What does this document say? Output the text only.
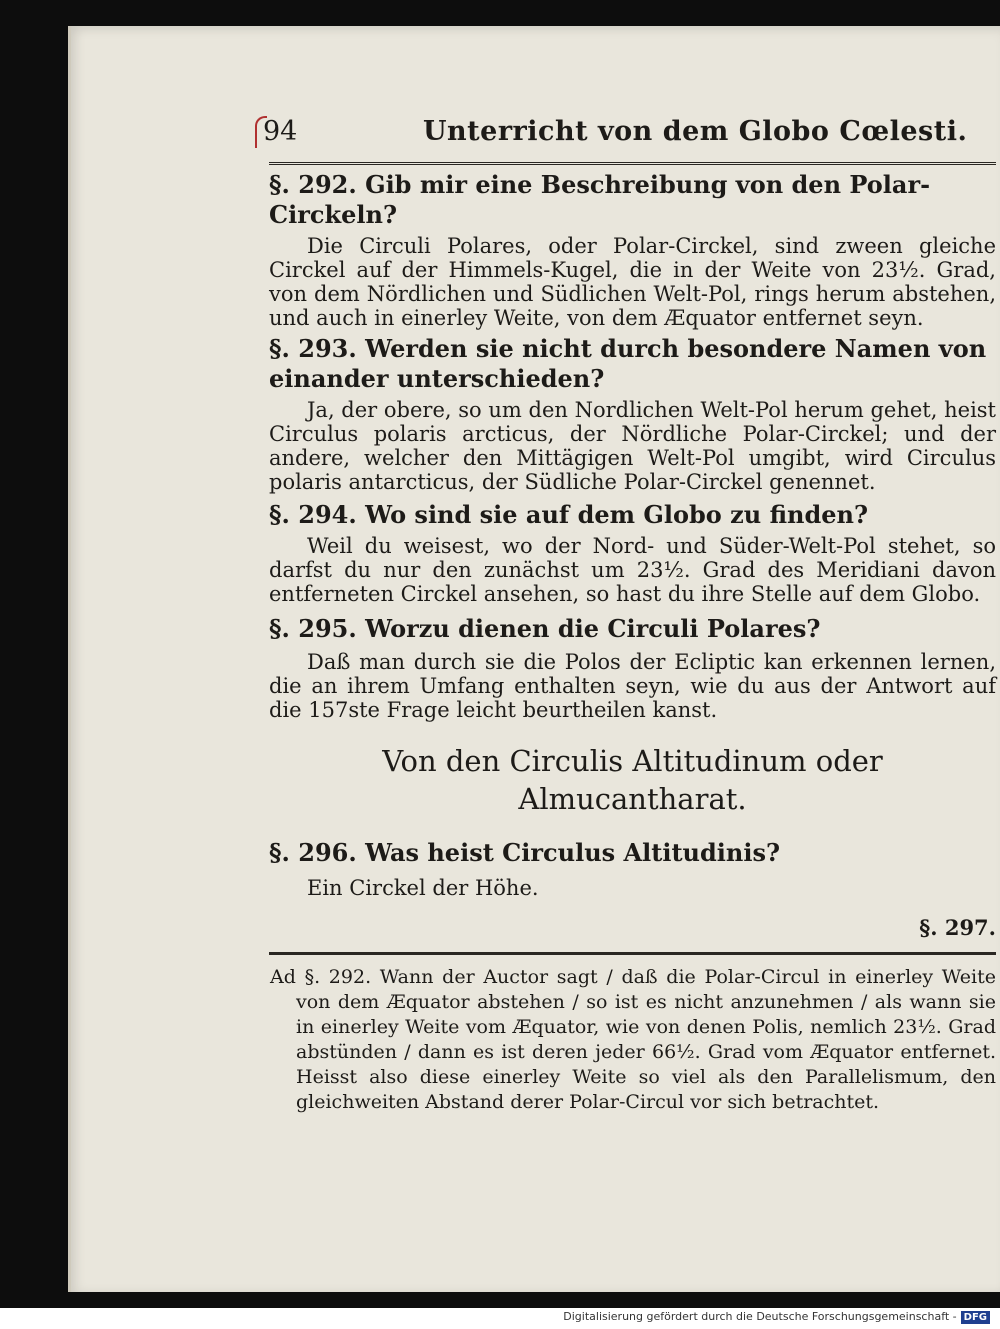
94	Unterricht von dem Globo Cœlesti.

§. 292. Gib mir eine Beschreibung von den Polar-Circkeln?

Die Circuli Polares, oder Polar-Circkel, sind zween gleiche Circkel auf der Himmels-Kugel, die in der Weite von 23½. Grad, von dem Nördlichen und Südlichen Welt-Pol, rings herum abstehen, und auch in einerley Weite, von dem Æquator entfernet seyn.

§. 293. Werden sie nicht durch besondere Namen von einander unterschieden?

Ja, der obere, so um den Nordlichen Welt-Pol herum gehet, heist Circulus polaris arcticus, der Nördliche Polar-Circkel; und der andere, welcher den Mittägigen Welt-Pol umgibt, wird Circulus polaris antarcticus, der Südliche Polar-Circkel genennet.

§. 294. Wo sind sie auf dem Globo zu finden?

Weil du weisest, wo der Nord- und Süder-Welt-Pol stehet, so darfst du nur den zunächst um 23½. Grad des Meridiani davon entferneten Circkel ansehen, so hast du ihre Stelle auf dem Globo.

§. 295. Worzu dienen die Circuli Polares?

Daß man durch sie die Polos der Ecliptic kan erkennen lernen, die an ihrem Umfang enthalten seyn, wie du aus der Antwort auf die 157ste Frage leicht beurtheilen kanst.

Von den Circulis Altitudinum oder Almucantharat.

§. 296. Was heist Circulus Altitudinis?

Ein Circkel der Höhe.

§. 297.

Ad §. 292. Wann der Auctor sagt / daß die Polar-Circul in einerley Weite von dem Æquator abstehen / so ist es nicht anzunehmen / als wann sie in einerley Weite vom Æquator, wie von denen Polis, nemlich 23½. Grad abstünden / dann es ist deren jeder 66½. Grad vom Æquator entfernet. Heisst also diese einerley Weite so viel als den Parallelismum, den gleichweiten Abstand derer Polar-Circul vor sich betrachtet.

Digitalisierung gefördert durch die Deutsche Forschungsgemeinschaft - DFG
